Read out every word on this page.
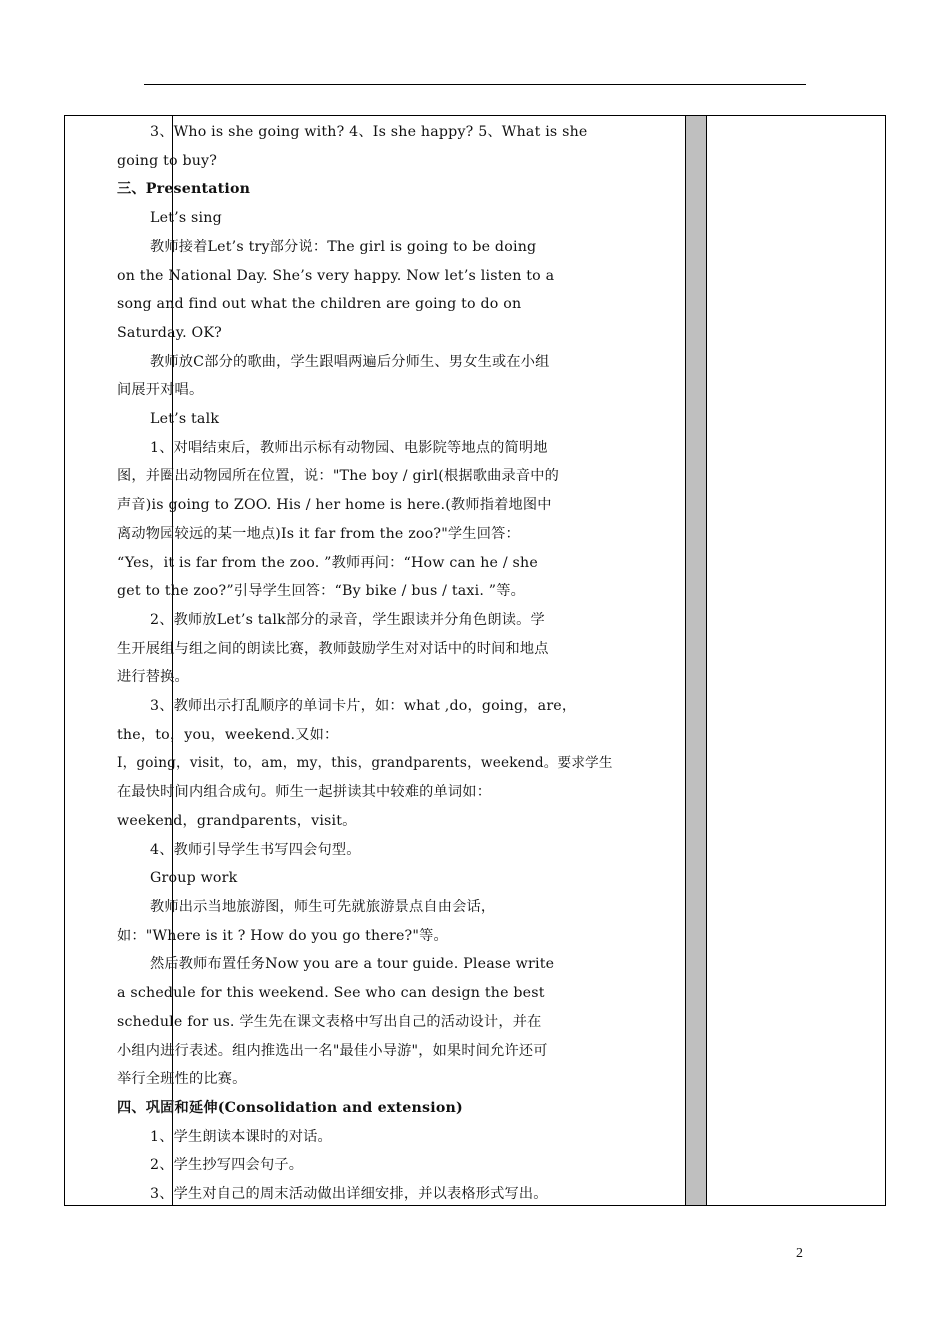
3、Who is she going with? 4、Is she happy? 5、What is she

going to buy?

三、Presentation

Let’s sing

教师接着Let’s try部分说：The girl is going to be doing

on the National Day. She’s very happy. Now let’s listen to a

song and find out what the children are going to do on

Saturday. OK?

教师放C部分的歌曲，学生跟唱两遍后分师生、男女生或在小组

间展开对唱。

Let’s talk

1、对唱结束后，教师出示标有动物园、电影院等地点的简明地

图，并圈出动物园所在位置，说："The boy / girl(根据歌曲录音中的

声音)is going to ZOO. His / her home is here.(教师指着地图中

离动物园较远的某一地点)Is it far from the zoo?"学生回答：

“Yes，it is far from the zoo. ”教师再问：“How can he / she

get to the zoo?”引导学生回答：“By bike / bus / taxi. ”等。

2、教师放Let’s talk部分的录音，学生跟读并分角色朗读。学

生开展组与组之间的朗读比赛，教师鼓励学生对对话中的时间和地点

进行替换。

3、教师出示打乱顺序的单词卡片，如：what ,do，going，are，

the，to，you，weekend.又如：

I，going，visit，to，am，my，this，grandparents，weekend。要求学生

在最快时间内组合成句。师生一起拼读其中较难的单词如：

weekend，grandparents，visit。

4、教师引导学生书写四会句型。

Group work

教师出示当地旅游图，师生可先就旅游景点自由会话，

如："Where is it ? How do you go there?"等。

然后教师布置任务Now you are a tour guide. Please write

a schedule for this weekend. See who can design the best

schedule for us. 学生先在课文表格中写出自己的活动设计，并在

小组内进行表述。组内推选出一名"最佳小导游"，如果时间允许还可

举行全班性的比赛。

四、巩固和延伸(Consolidation and extension)

1、学生朗读本课时的对话。

2、学生抄写四会句子。

3、学生对自己的周末活动做出详细安排，并以表格形式写出。

2
